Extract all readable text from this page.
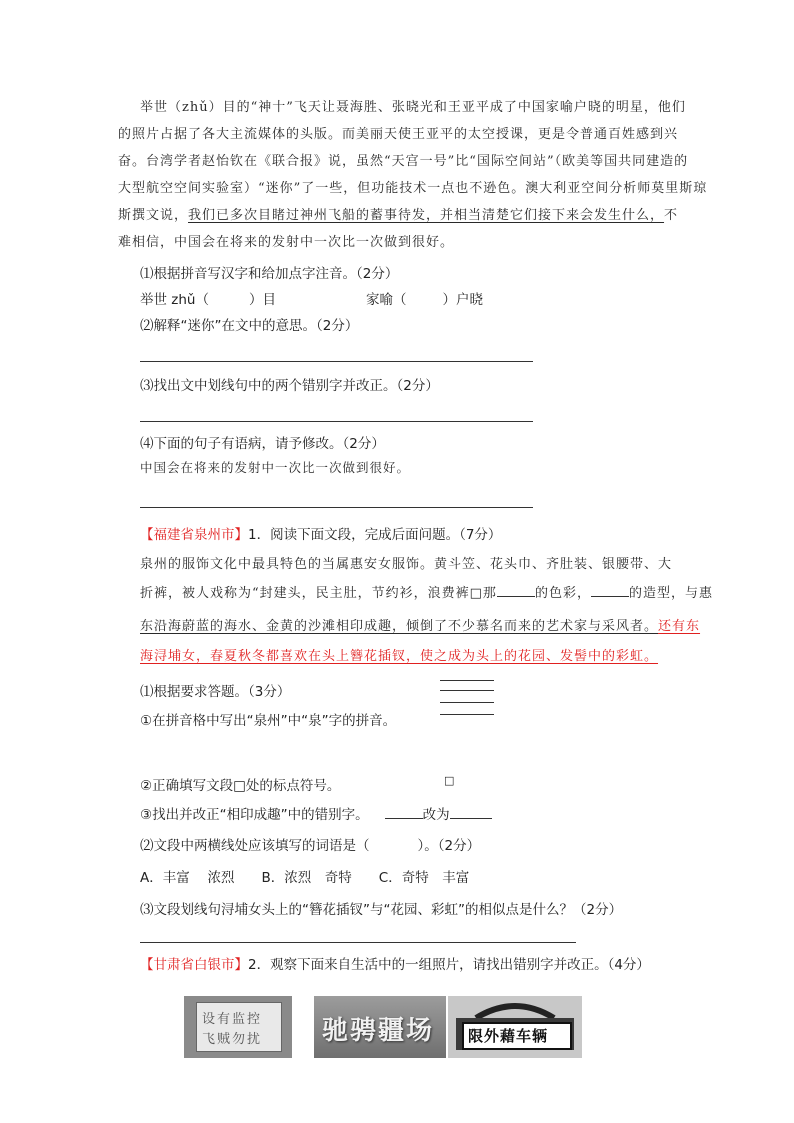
举世（zhǔ）目的“神十”飞天让聂海胜、张晓光和王亚平成了中国家喻户晓的明星，他们
的照片占据了各大主流媒体的头版。而美丽天使王亚平的太空授课，更是令普通百姓感到兴
奋。台湾学者赵怡钦在《联合报》说，虽然“天宫一号”比“国际空间站”（欧美等国共同建造的
大型航空空间实验室）“迷你”了一些，但功能技术一点也不逊色。澳大利亚空间分析师莫里斯琼
斯撰文说，我们已多次目睹过神州飞船的蓄事待发，并相当清楚它们接下来会发生什么，不
难相信，中国会在将来的发射中一次比一次做到很好。
⑴根据拼音写汉字和给加点字注音。（2分）
举世 zhǔ（	）目	家喻（	）户晓
⑵解释“迷你”在文中的意思。（2分）
⑶找出文中划线句中的两个错别字并改正。（2分）
⑷下面的句子有语病，请予修改。（2分）
中国会在将来的发射中一次比一次做到很好。
【福建省泉州市】1．阅读下面文段，完成后面问题。（7分）
泉州的服饰文化中最具特色的当属惠安女服饰。黄斗笠、花头巾、齐肚装、银腰带、大
折裤，被人戏称为“封建头，民主肚，节约衫，浪费裤□那	的色彩，	的造型，与惠
东沿海蔚蓝的海水、金黄的沙滩相印成趣，倾倒了不少慕名而来的艺术家与采风者。还有东
海浔埔女，春夏秋冬都喜欢在头上簪花插钗，使之成为头上的花园、发髻中的彩虹。
⑴根据要求答题。（3分）
①在拼音格中写出“泉州”中“泉”字的拼音。
②正确填写文段□处的标点符号。	□
③找出并改正“相印成趣”中的错别字。	改为
⑵文段中两横线处应该填写的词语是（	）。（2分）
A．丰富　 浓烈　　B．浓烈　奇特　　C．奇特　丰富
⑶文段划线句浔埔女头上的“簪花插钗”与“花园、彩虹”的相似点是什么？（2分）
【甘肃省白银市】2．观察下面来自生活中的一组照片，请找出错别字并改正。（4分）
设有监控
飞贼勿扰 驰骋疆场 限外藉车辆
